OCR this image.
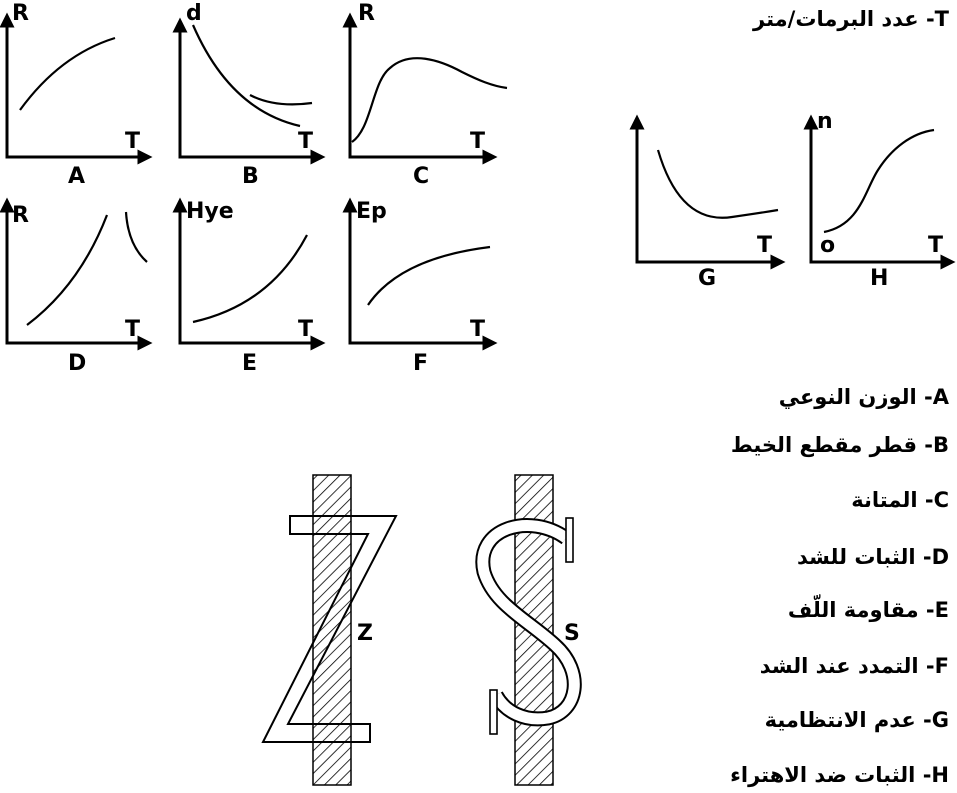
R
T
A
d
T
B
R
T
C
R
T
D
Hye
T
E
Ep
T
F
T
G
n
o	T
H
Z	S
T- عدد البرمات/متر
A- الوزن النوعي
B- قطر مقطع الخيط
C- المتانة
D- الثبات للشد
E- مقاومة اللّف
F- التمدد عند الشد
G- عدم الانتظامية
H- الثبات ضد الاهتراء
